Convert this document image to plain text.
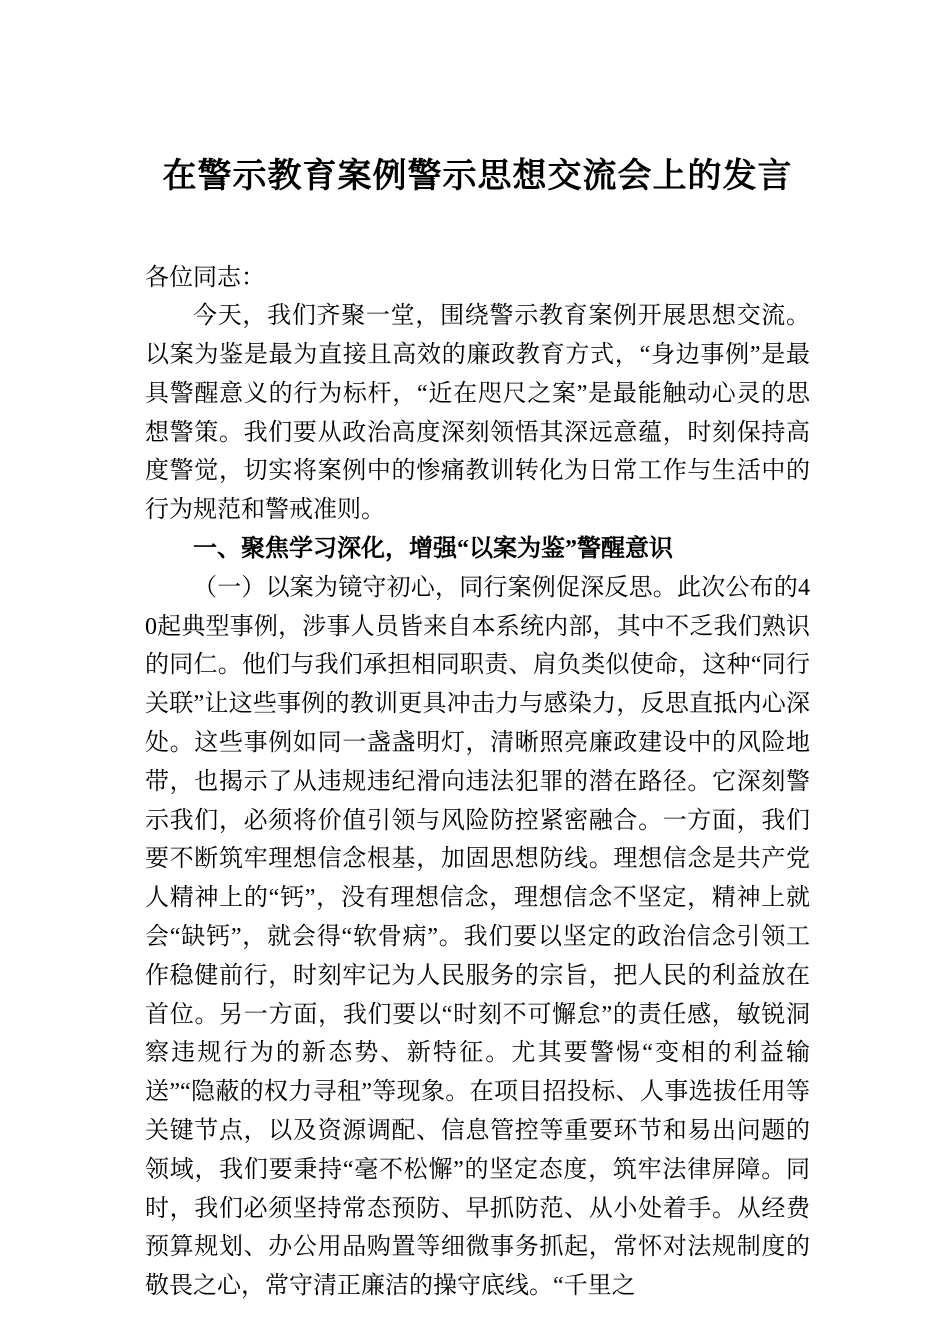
在警示教育案例警示思想交流会上的发言

各位同志：

今天，我们齐聚一堂，围绕警示教育案例开展思想交流。以案为鉴是最为直接且高效的廉政教育方式，“身边事例”是最具警醒意义的行为标杆，“近在咫尺之案”是最能触动心灵的思想警策。我们要从政治高度深刻领悟其深远意蕴，时刻保持高度警觉，切实将案例中的惨痛教训转化为日常工作与生活中的行为规范和警戒准则。

一、聚焦学习深化，增强“以案为鉴”警醒意识

（一）以案为镜守初心，同行案例促深反思。此次公布的40起典型事例，涉事人员皆来自本系统内部，其中不乏我们熟识的同仁。他们与我们承担相同职责、肩负类似使命，这种“同行关联”让这些事例的教训更具冲击力与感染力，反思直抵内心深处。这些事例如同一盏盏明灯，清晰照亮廉政建设中的风险地带，也揭示了从违规违纪滑向违法犯罪的潜在路径。它深刻警示我们，必须将价值引领与风险防控紧密融合。一方面，我们要不断筑牢理想信念根基，加固思想防线。理想信念是共产党人精神上的“钙”，没有理想信念，理想信念不坚定，精神上就会“缺钙”，就会得“软骨病”。我们要以坚定的政治信念引领工作稳健前行，时刻牢记为人民服务的宗旨，把人民的利益放在首位。另一方面，我们要以“时刻不可懈怠”的责任感，敏锐洞察违规行为的新态势、新特征。尤其要警惕“变相的利益输送”“隐蔽的权力寻租”等现象。在项目招投标、人事选拔任用等关键节点，以及资源调配、信息管控等重要环节和易出问题的领域，我们要秉持“毫不松懈”的坚定态度，筑牢法律屏障。同时，我们必须坚持常态预防、早抓防范、从小处着手。从经费预算规划、办公用品购置等细微事务抓起，常怀对法规制度的敬畏之心，常守清正廉洁的操守底线。“千里之
